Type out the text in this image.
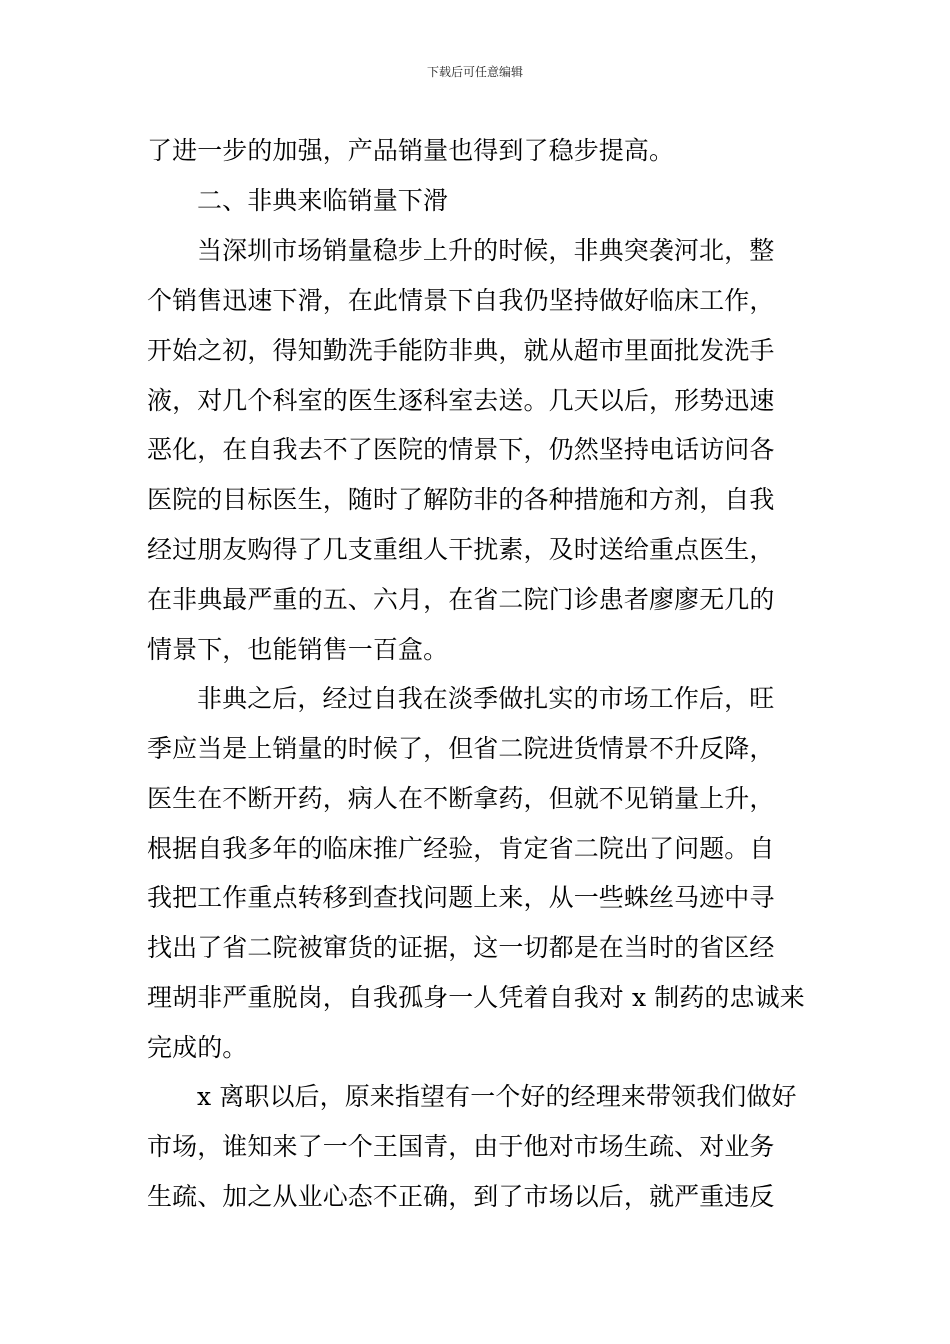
下载后可任意编辑
了进一步的加强，产品销量也得到了稳步提高。
二、非典来临销量下滑
当深圳市场销量稳步上升的时候，非典突袭河北，整
个销售迅速下滑，在此情景下自我仍坚持做好临床工作，
开始之初，得知勤洗手能防非典，就从超市里面批发洗手
液，对几个科室的医生逐科室去送。几天以后，形势迅速
恶化，在自我去不了医院的情景下，仍然坚持电话访问各
医院的目标医生，随时了解防非的各种措施和方剂，自我
经过朋友购得了几支重组人干扰素，及时送给重点医生，
在非典最严重的五、六月，在省二院门诊患者廖廖无几的
情景下，也能销售一百盒。
非典之后，经过自我在淡季做扎实的市场工作后，旺
季应当是上销量的时候了，但省二院进货情景不升反降，
医生在不断开药，病人在不断拿药，但就不见销量上升，
根据自我多年的临床推广经验，肯定省二院出了问题。自
我把工作重点转移到查找问题上来，从一些蛛丝马迹中寻
找出了省二院被窜货的证据，这一切都是在当时的省区经
理胡非严重脱岗，自我孤身一人凭着自我对 x 制药的忠诚来
完成的。
x 离职以后，原来指望有一个好的经理来带领我们做好
市场，谁知来了一个王国青，由于他对市场生疏、对业务
生疏、加之从业心态不正确，到了市场以后，就严重违反
